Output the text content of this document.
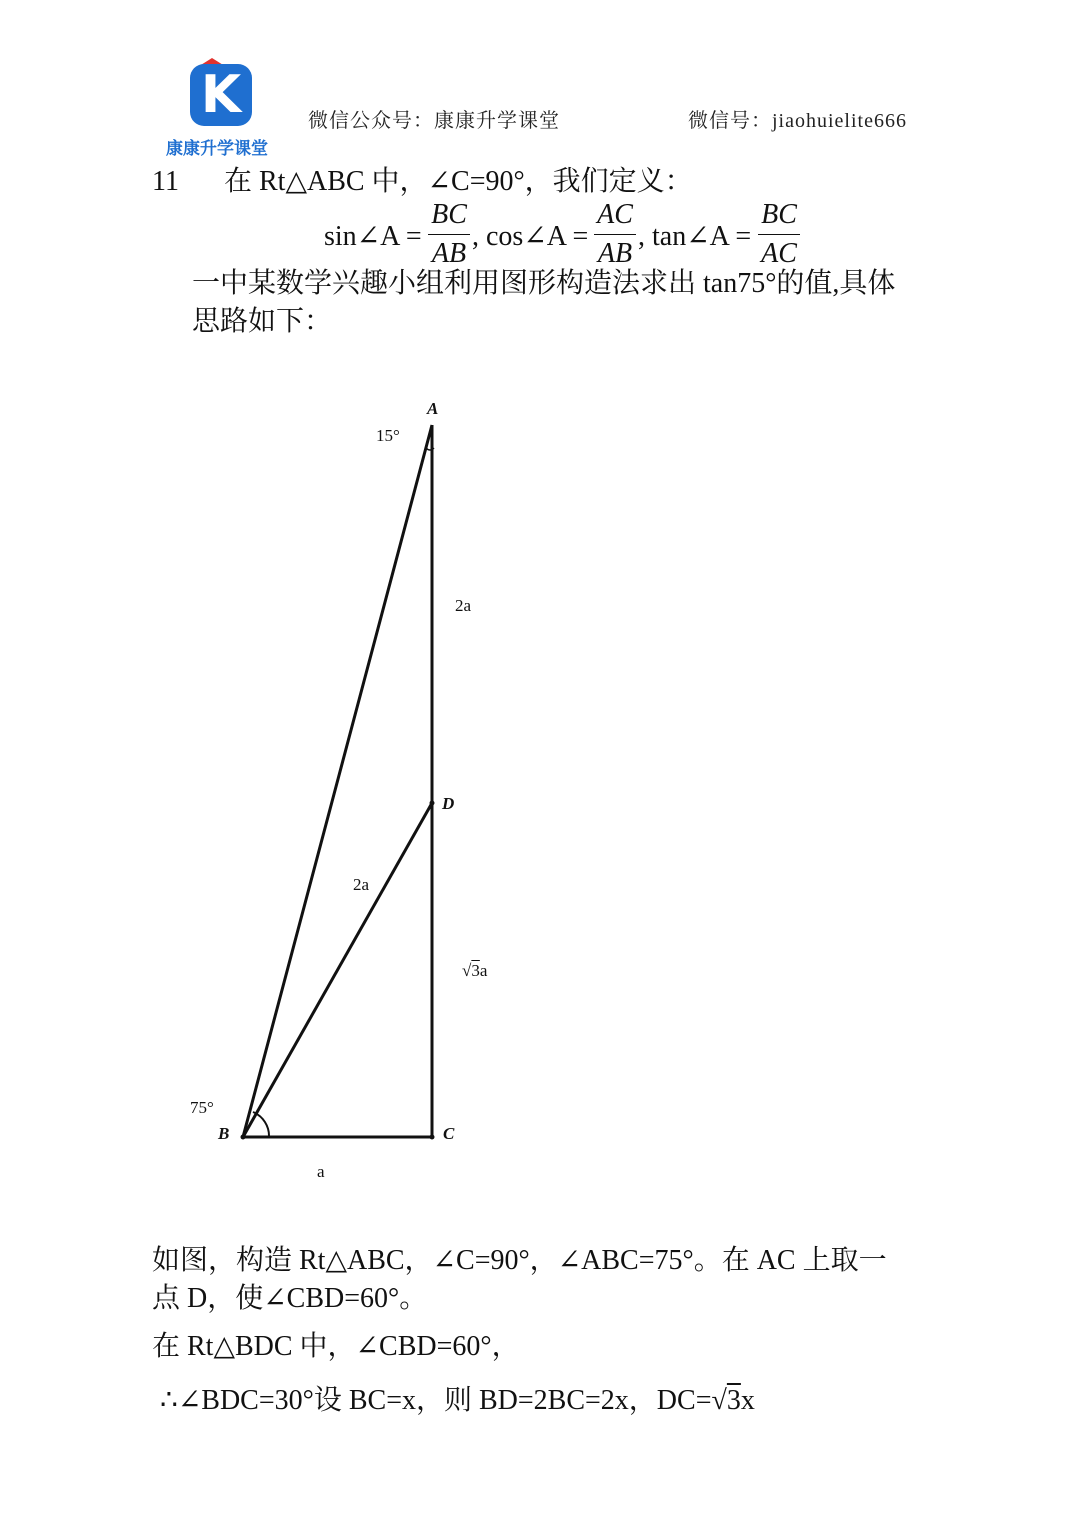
K
康康升学课堂
微信公众号：康康升学课堂	微信号：jiaohuielite666
11 在 Rt△ABC 中，∠C=90°，我们定义：
sin∠A =
BC
AB
, cos∠A =
AC
AB
, tan∠A =
BC
AC
一中某数学兴趣小组利用图形构造法求出 tan75°的值,具体
思路如下：
A
15°
2a
D
2a
√3a
75°
B	C
a
如图，构造 Rt△ABC，∠C=90°，∠ABC=75°。在 AC 上取一
点 D，使∠CBD=60°。
在 Rt△BDC 中，∠CBD=60°，
∴∠BDC=30°设 BC=x，则 BD=2BC=2x，DC=√3x
